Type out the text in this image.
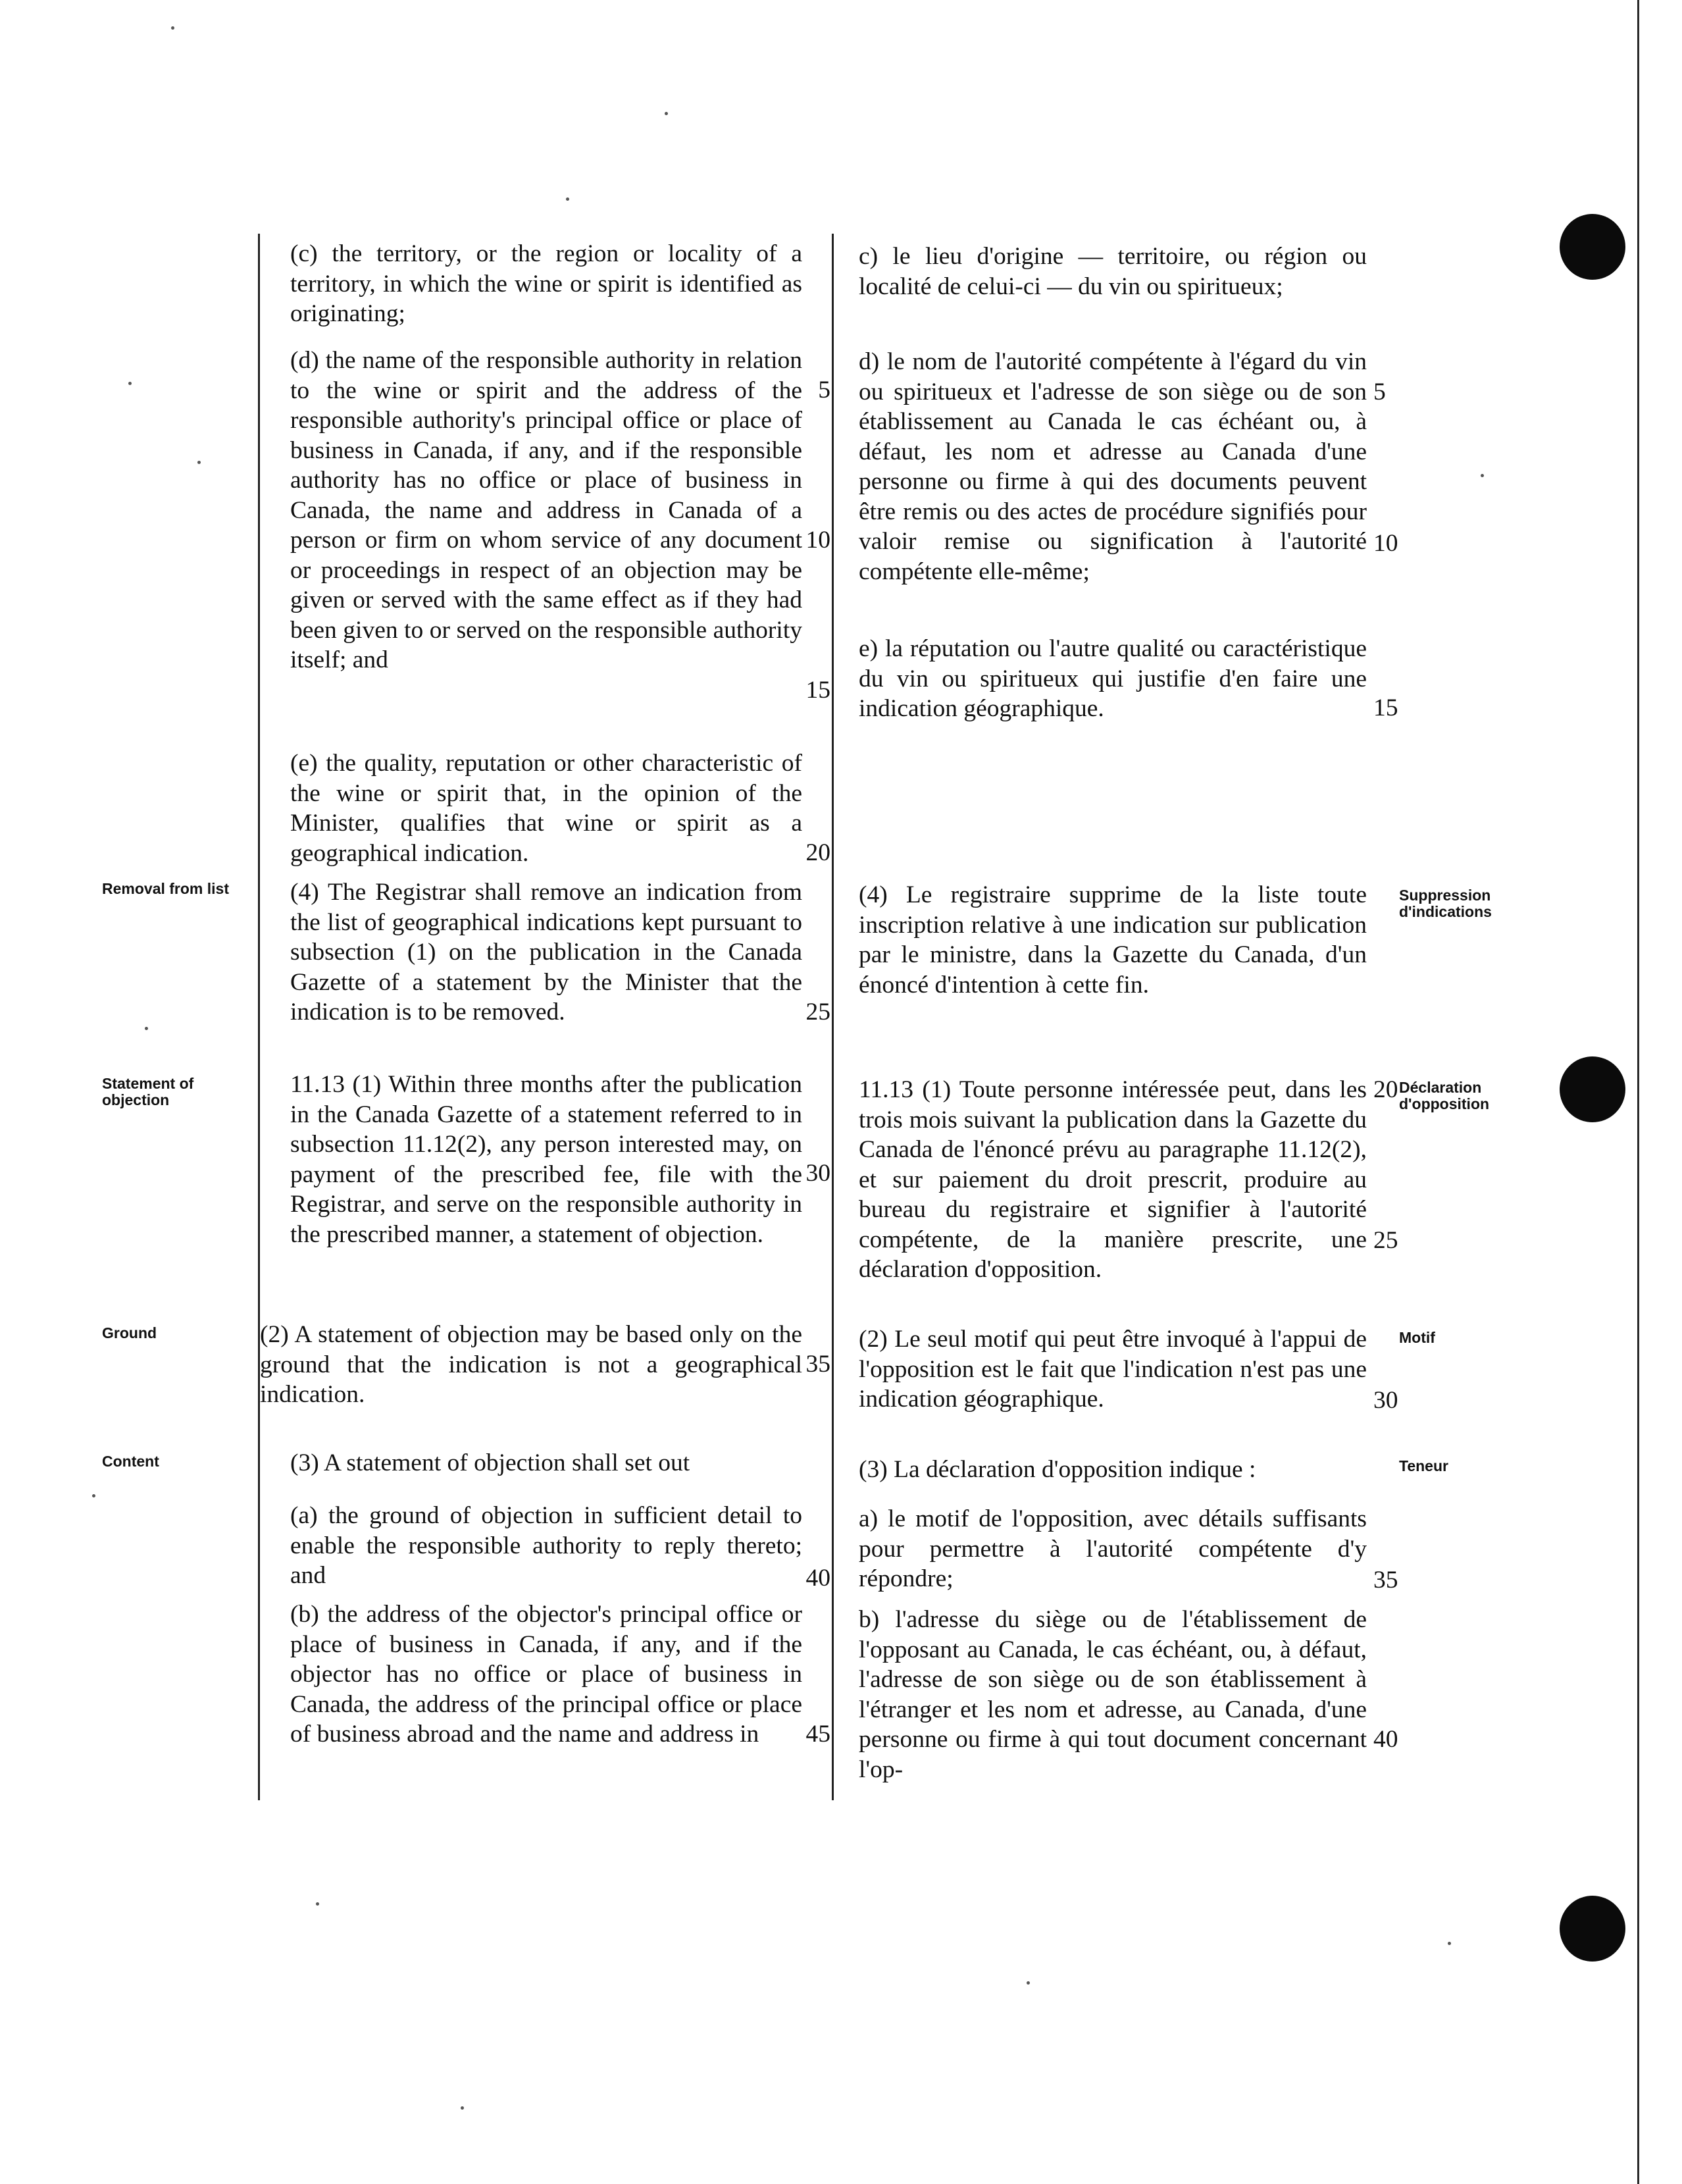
Removal from list
Statement of objection
Ground
Content

(c) the territory, or the region or locality of a territory, in which the wine or spirit is identified as originating;

(d) the name of the responsible authority in relation to the wine or spirit and the address of the responsible authority's principal office or place of business in Canada, if any, and if the responsible authority has no office or place of business in Canada, the name and address in Canada of a person or firm on whom service of any document or proceedings in respect of an objection may be given or served with the same effect as if they had been given to or served on the responsible authority itself; and

(e) the quality, reputation or other characteristic of the wine or spirit that, in the opinion of the Minister, qualifies that wine or spirit as a geographical indication.

(4) The Registrar shall remove an indication from the list of geographical indications kept pursuant to subsection (1) on the publication in the Canada Gazette of a statement by the Minister that the indication is to be removed.

11.13 (1) Within three months after the publication in the Canada Gazette of a statement referred to in subsection 11.12(2), any person interested may, on payment of the prescribed fee, file with the Registrar, and serve on the responsible authority in the prescribed manner, a statement of objection.

(2) A statement of objection may be based only on the ground that the indication is not a geographical indication.

(3) A statement of objection shall set out

(a) the ground of objection in sufficient detail to enable the responsible authority to reply thereto; and

(b) the address of the objector's principal office or place of business in Canada, if any, and if the objector has no office or place of business in Canada, the address of the principal office or place of business abroad and the name and address in

5
10
15
20
25
30
35
40
45

c) le lieu d'origine — territoire, ou région ou localité de celui-ci — du vin ou spiritueux;

d) le nom de l'autorité compétente à l'égard du vin ou spiritueux et l'adresse de son siège ou de son établissement au Canada le cas échéant ou, à défaut, les nom et adresse au Canada d'une personne ou firme à qui des documents peuvent être remis ou des actes de procédure signifiés pour valoir remise ou signification à l'autorité compétente elle-même;

e) la réputation ou l'autre qualité ou caractéristique du vin ou spiritueux qui justifie d'en faire une indication géographique.

(4) Le registraire supprime de la liste toute inscription relative à une indication sur publication par le ministre, dans la Gazette du Canada, d'un énoncé d'intention à cette fin.

11.13 (1) Toute personne intéressée peut, dans les trois mois suivant la publication dans la Gazette du Canada de l'énoncé prévu au paragraphe 11.12(2), et sur paiement du droit prescrit, produire au bureau du registraire et signifier à l'autorité compétente, de la manière prescrite, une déclaration d'opposition.

(2) Le seul motif qui peut être invoqué à l'appui de l'opposition est le fait que l'indication n'est pas une indication géographique.

(3) La déclaration d'opposition indique :

a) le motif de l'opposition, avec détails suffisants pour permettre à l'autorité compétente d'y répondre;

b) l'adresse du siège ou de l'établissement de l'opposant au Canada, le cas échéant, ou, à défaut, l'adresse de son siège ou de son établissement à l'étranger et les nom et adresse, au Canada, d'une personne ou firme à qui tout document concernant l'op-

5
10
15
20
25
30
35
40
Suppression d'indications
Déclaration d'opposition
Motif
Teneur
